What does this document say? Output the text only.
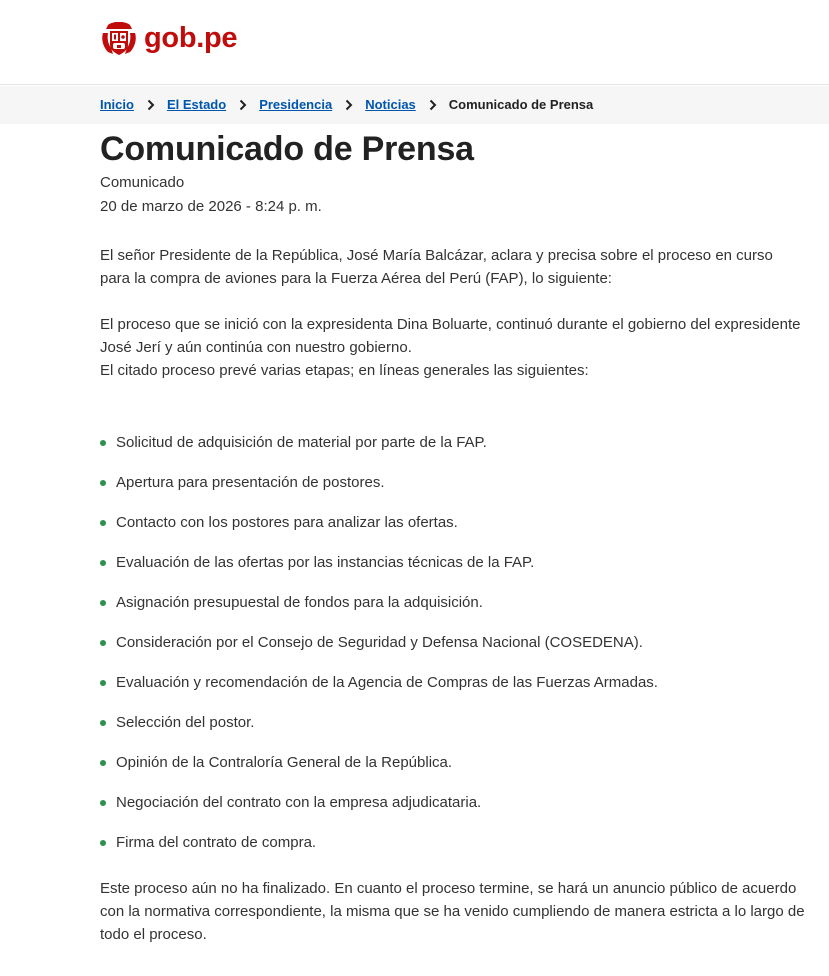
gob.pe
Inicio	El Estado	Presidencia	Noticias	Comunicado de Prensa
Comunicado de Prensa
Comunicado
20 de marzo de 2026 - 8:24 p. m.

El señor Presidente de la República, José María Balcázar, aclara y precisa sobre el proceso en curso para la compra de aviones para la Fuerza Aérea del Perú (FAP), lo siguiente:

El proceso que se inició con la expresidenta Dina Boluarte, continuó durante el gobierno del expresidente José Jerí y aún continúa con nuestro gobierno.

El citado proceso prevé varias etapas; en líneas generales las siguientes:

Solicitud de adquisición de material por parte de la FAP.
Apertura para presentación de postores.
Contacto con los postores para analizar las ofertas.
Evaluación de las ofertas por las instancias técnicas de la FAP.
Asignación presupuestal de fondos para la adquisición.
Consideración por el Consejo de Seguridad y Defensa Nacional (COSEDENA).
Evaluación y recomendación de la Agencia de Compras de las Fuerzas Armadas.
Selección del postor.
Opinión de la Contraloría General de la República.
Negociación del contrato con la empresa adjudicataria.
Firma del contrato de compra.

Este proceso aún no ha finalizado. En cuanto el proceso termine, se hará un anuncio público de acuerdo con la normativa correspondiente, la misma que se ha venido cumpliendo de manera estricta a lo largo de todo el proceso.
